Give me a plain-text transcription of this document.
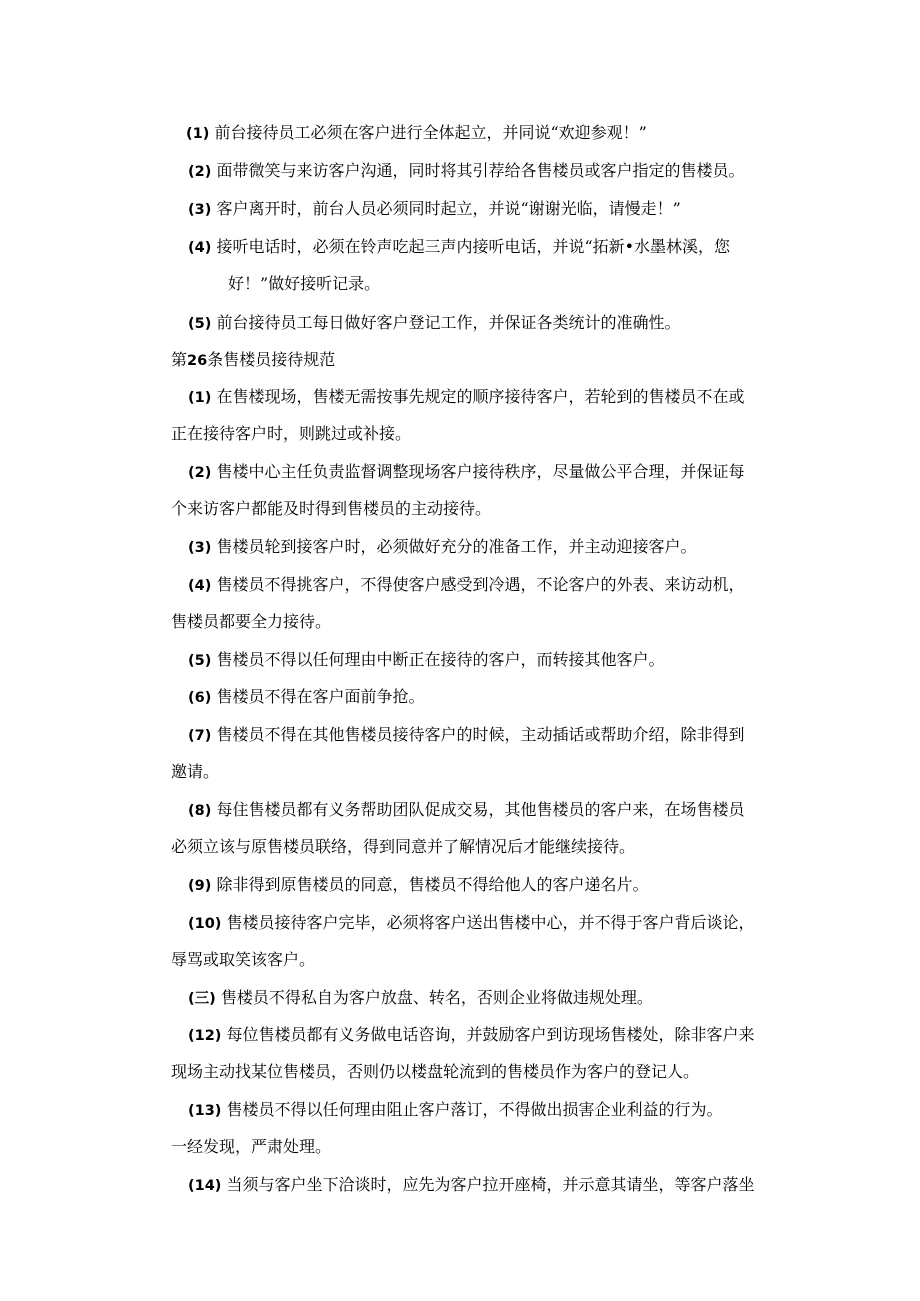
(1) 前台接待员工必须在客户进行全体起立，并同说“欢迎参观！”
(2) 面带微笑与来访客户沟通，同时将其引荐给各售楼员或客户指定的售楼员。
(3) 客户离开时，前台人员必须同时起立，并说“谢谢光临，请慢走！”
(4) 接听电话时，必须在铃声吃起三声内接听电话，并说“拓新•水墨林溪，您
好！”做好接听记录。
(5) 前台接待员工每日做好客户登记工作，并保证各类统计的准确性。
第26条售楼员接待规范
(1) 在售楼现场，售楼无需按事先规定的顺序接待客户，若轮到的售楼员不在或
正在接待客户时，则跳过或补接。
(2) 售楼中心主任负责监督调整现场客户接待秩序，尽量做公平合理，并保证每
个来访客户都能及时得到售楼员的主动接待。
(3) 售楼员轮到接客户时，必须做好充分的准备工作，并主动迎接客户。
(4) 售楼员不得挑客户，不得使客户感受到冷遇，不论客户的外表、来访动机，
售楼员都要全力接待。
(5) 售楼员不得以任何理由中断正在接待的客户，而转接其他客户。
(6) 售楼员不得在客户面前争抢。
(7) 售楼员不得在其他售楼员接待客户的时候，主动插话或帮助介绍，除非得到
邀请。
(8) 每住售楼员都有义务帮助团队促成交易，其他售楼员的客户来，在场售楼员
必须立该与原售楼员联络，得到同意并了解情况后才能继续接待。
(9) 除非得到原售楼员的同意，售楼员不得给他人的客户递名片。
(10) 售楼员接待客户完毕，必须将客户送出售楼中心，并不得于客户背后谈论，
辱骂或取笑该客户。
(三) 售楼员不得私自为客户放盘、转名，否则企业将做违规处理。
(12) 每位售楼员都有义务做电话咨询，并鼓励客户到访现场售楼处，除非客户来
现场主动找某位售楼员，否则仍以楼盘轮流到的售楼员作为客户的登记人。
(13) 售楼员不得以任何理由阻止客户落订，不得做出损害企业利益的行为。
一经发现，严肃处理。
(14) 当须与客户坐下洽谈时，应先为客户拉开座椅，并示意其请坐，等客户落坐
